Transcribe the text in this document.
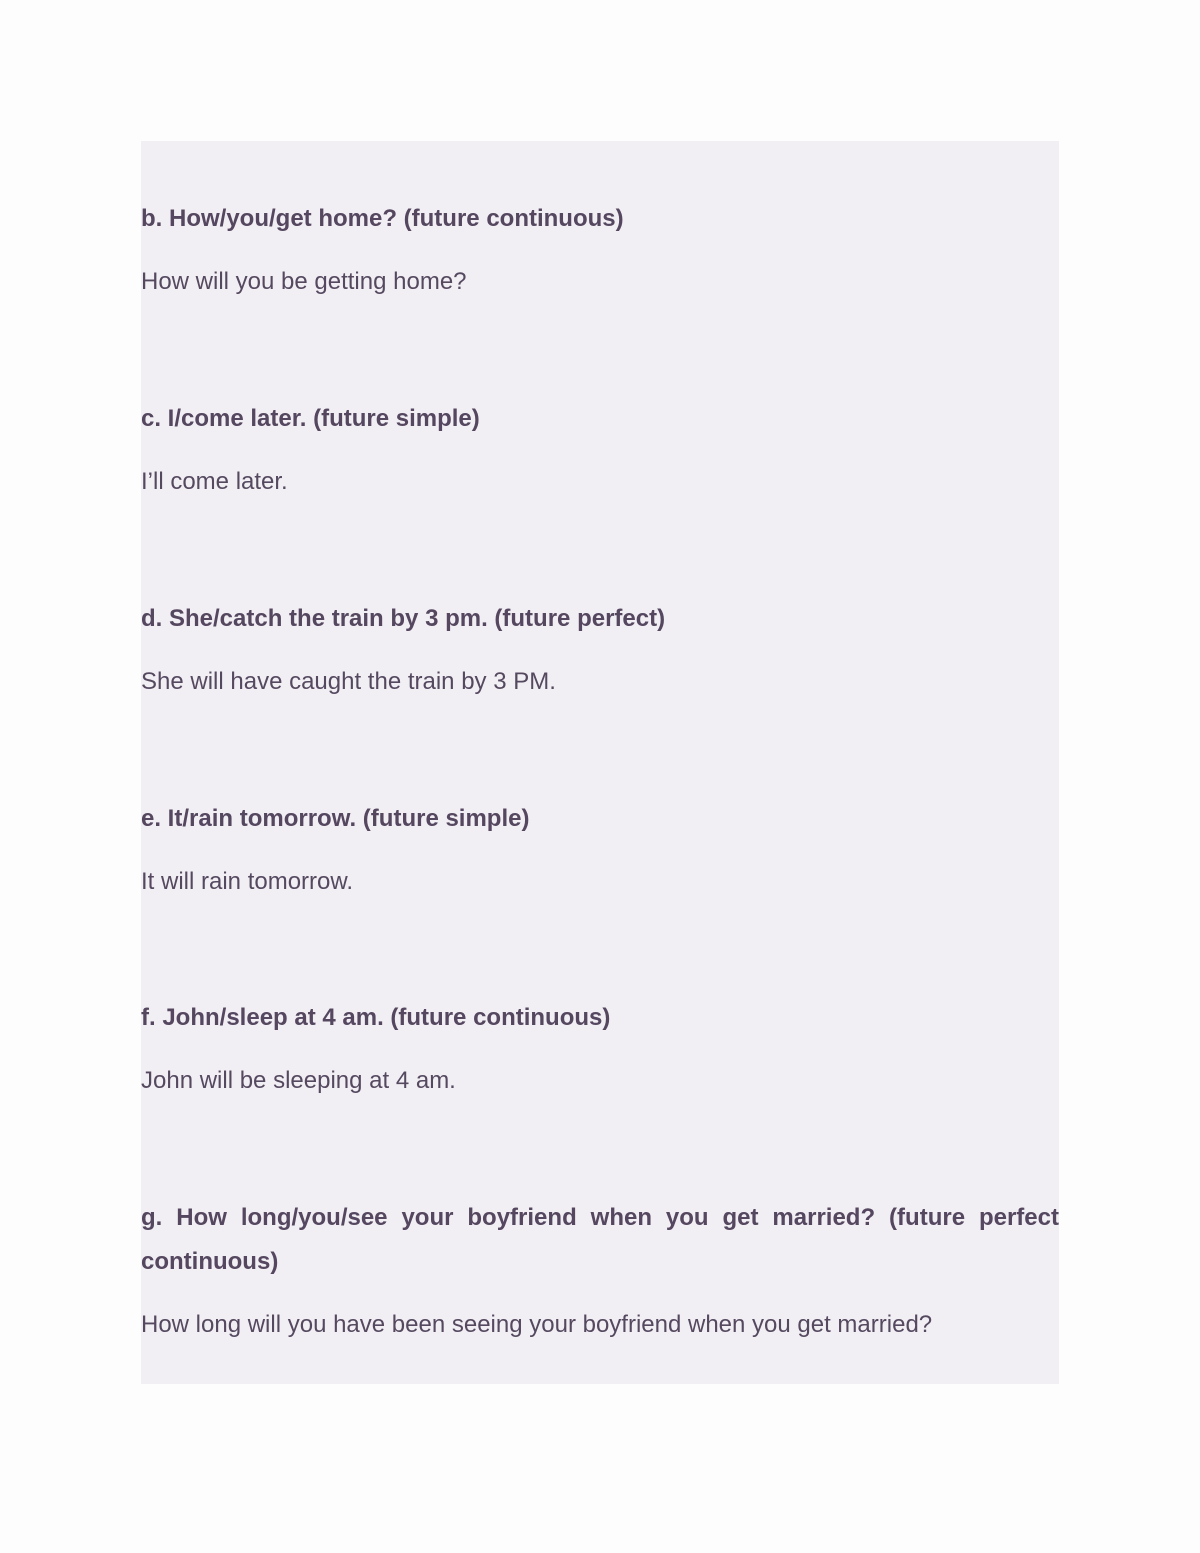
b. How/you/get home? (future continuous)

How will you be getting home?

c. I/come later. (future simple)

I’ll come later.

d. She/catch the train by 3 pm. (future perfect)

She will have caught the train by 3 PM.

e. It/rain tomorrow. (future simple)

It will rain tomorrow.

f. John/sleep at 4 am. (future continuous)

John will be sleeping at 4 am.

g. How long/you/see your boyfriend when you get married? (future perfect continuous)

How long will you have been seeing your boyfriend when you get married?
